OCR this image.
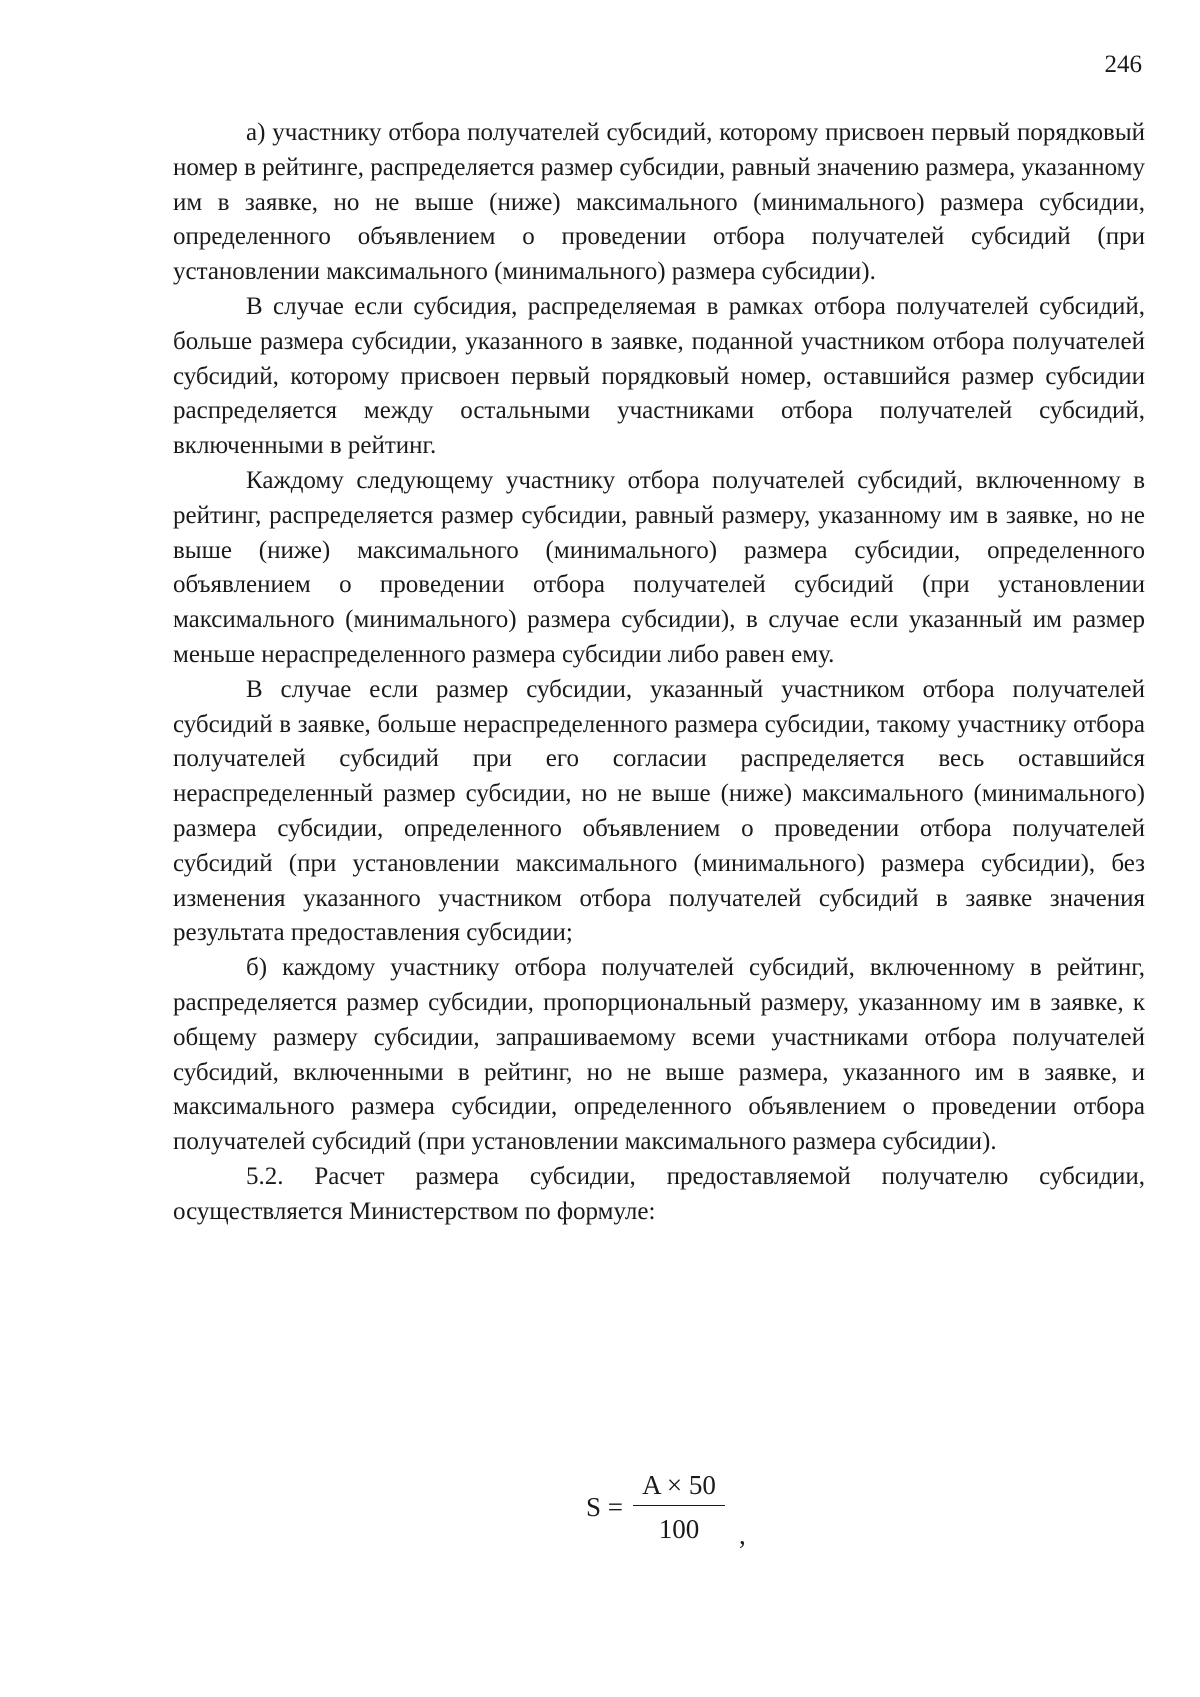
246

а) участнику отбора получателей субсидий, которому присвоен первый порядковый номер в рейтинге, распределяется размер субсидии, равный значению размера, указанному им в заявке, но не выше (ниже) максимального (минимального) размера субсидии, определенного объявлением о проведении отбора получателей субсидий (при установлении максимального (минимального) размера субсидии).

В случае если субсидия, распределяемая в рамках отбора получателей субсидий, больше размера субсидии, указанного в заявке, поданной участником отбора получателей субсидий, которому присвоен первый порядковый номер, оставшийся размер субсидии распределяется между остальными участниками отбора получателей субсидий, включенными в рейтинг.

Каждому следующему участнику отбора получателей субсидий, включенному в рейтинг, распределяется размер субсидии, равный размеру, указанному им в заявке, но не выше (ниже) максимального (минимального) размера субсидии, определенного объявлением о проведении отбора получателей субсидий (при установлении максимального (минимального) размера субсидии), в случае если указанный им размер меньше нераспределенного размера субсидии либо равен ему.

В случае если размер субсидии, указанный участником отбора получателей субсидий в заявке, больше нераспределенного размера субсидии, такому участнику отбора получателей субсидий при его согласии распределяется весь оставшийся нераспределенный размер субсидии, но не выше (ниже) максимального (минимального) размера субсидии, определенного объявлением о проведении отбора получателей субсидий (при установлении максимального (минимального) размера субсидии), без изменения указанного участником отбора получателей субсидий в заявке значения результата предоставления субсидии;

б) каждому участнику отбора получателей субсидий, включенному в рейтинг, распределяется размер субсидии, пропорциональный размеру, указанному им в заявке, к общему размеру субсидии, запрашиваемому всеми участниками отбора получателей субсидий, включенными в рейтинг, но не выше размера, указанного им в заявке, и максимального размера субсидии, определенного объявлением о проведении отбора получателей субсидий (при установлении максимального размера субсидии).

5.2. Расчет размера субсидии, предоставляемой получателю субсидии, осуществляется Министерством по формуле:

$S = \frac{A \times 50}{100}$ ,
